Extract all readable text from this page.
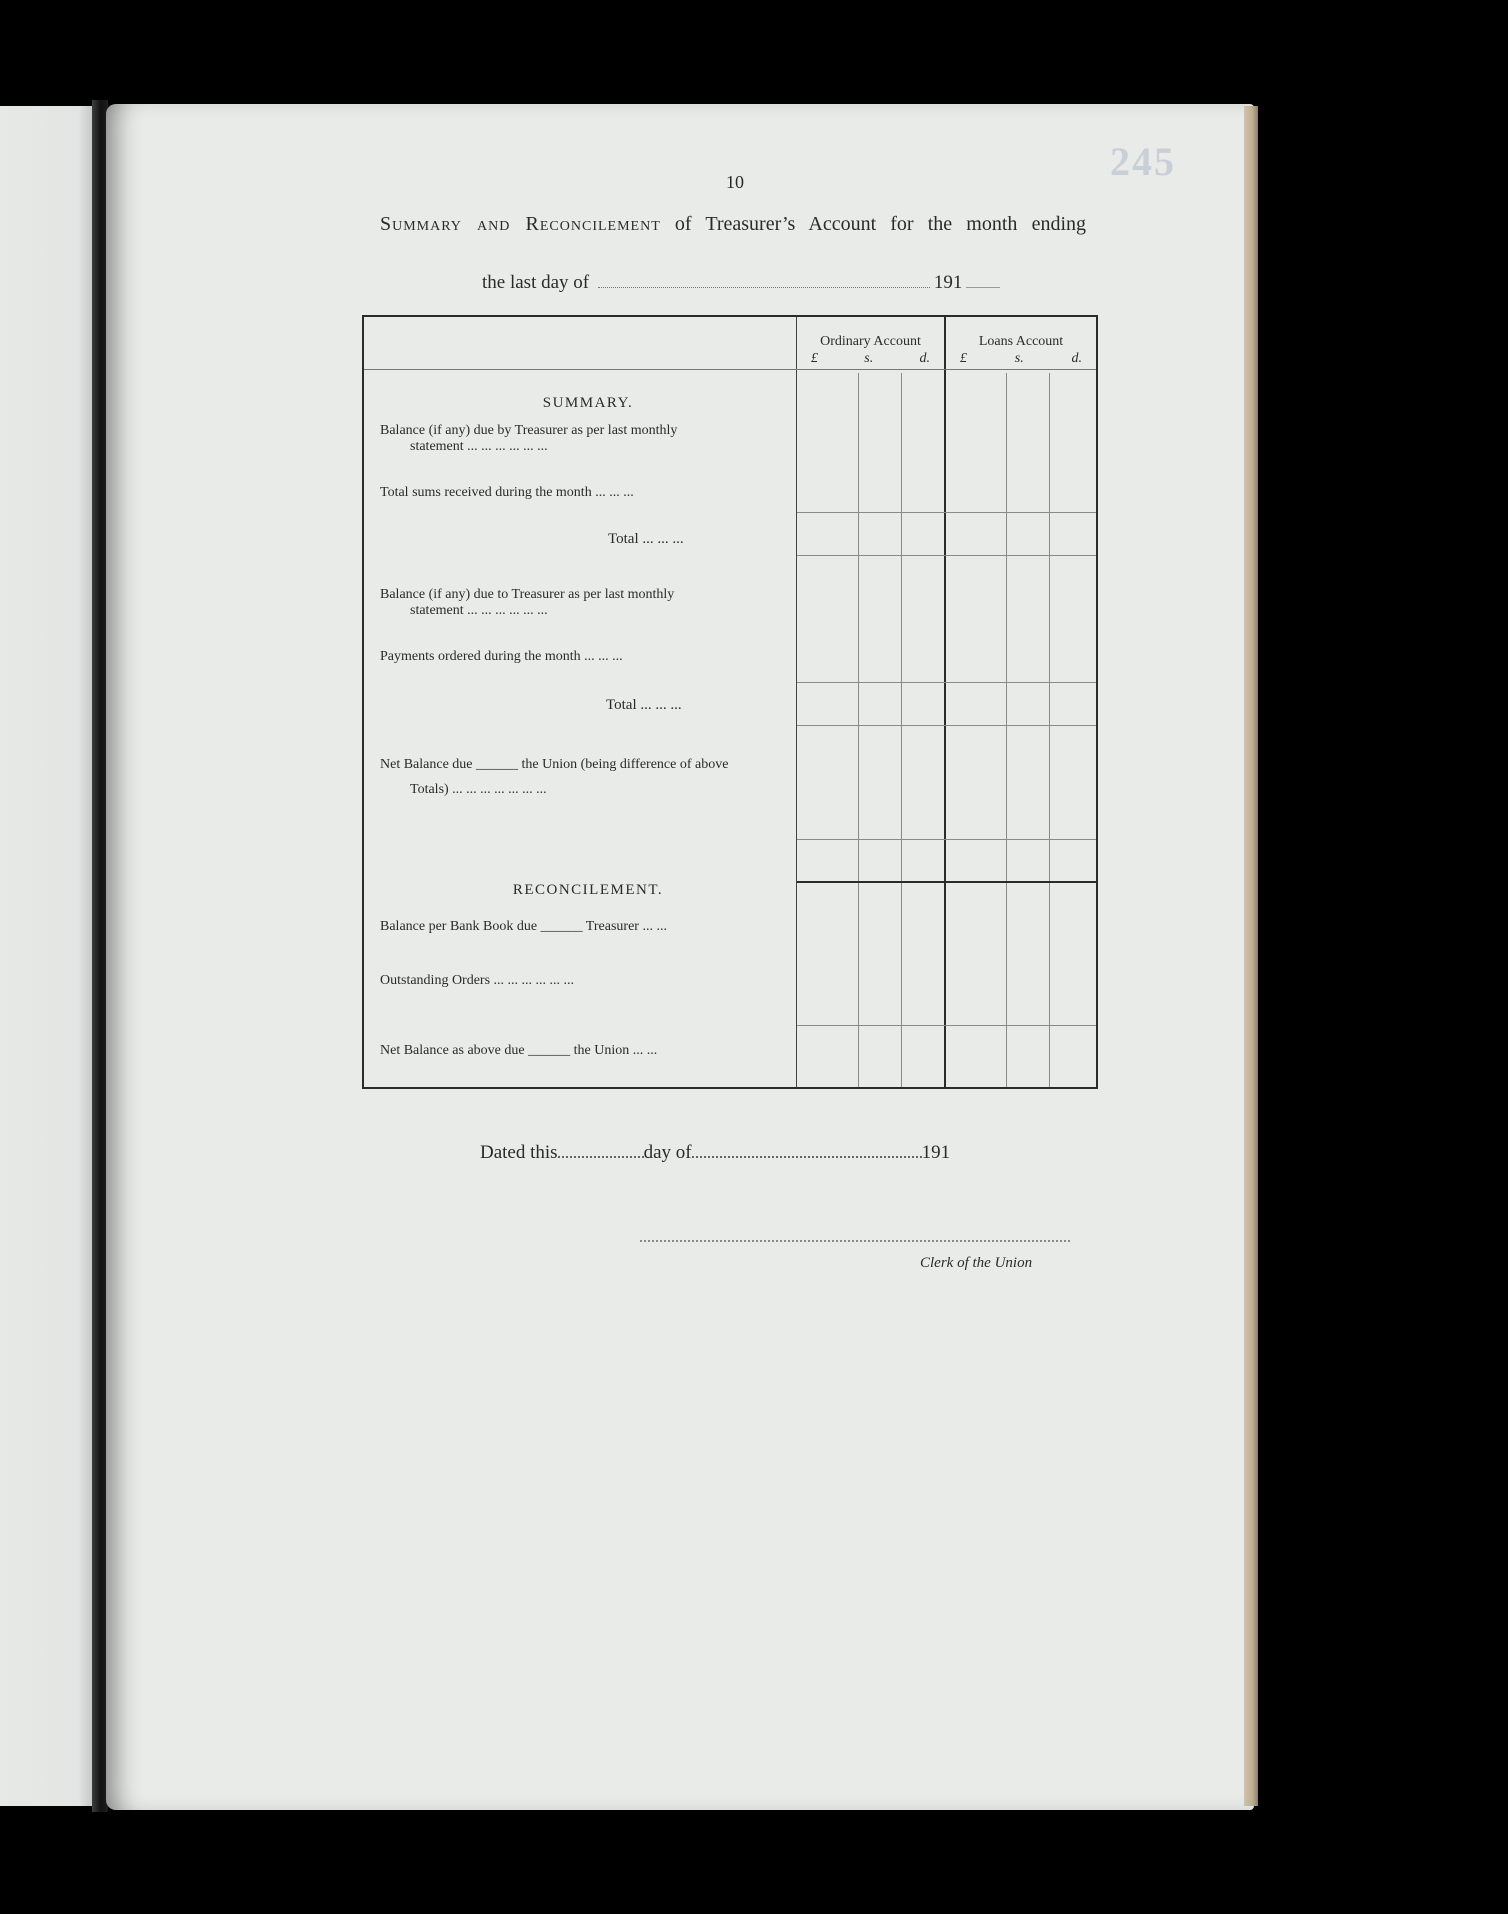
245
10
Summary and Reconcilement of Treasurer’s Account for the month ending
the last day of	191
Ordinary Account
£	s.	d.
Loans Account
£	s.	d.
SUMMARY.
Balance (if any) due by Treasurer as per last monthly
statement ... ... ... ... ... ...
Total sums received during the month ... ... ...
Total ... ... ...
Balance (if any) due to Treasurer as per last monthly
statement ... ... ... ... ... ...
Payments ordered during the month ... ... ...
Total ... ... ...
Net Balance due ______ the Union (being difference of above
Totals) ... ... ... ... ... ... ...
RECONCILEMENT.
Balance per Bank Book due ______ Treasurer ... ...
Outstanding Orders ... ... ... ... ... ...
Net Balance as above due ______ the Union ... ...
Dated this	day of	191
Clerk of the Union
